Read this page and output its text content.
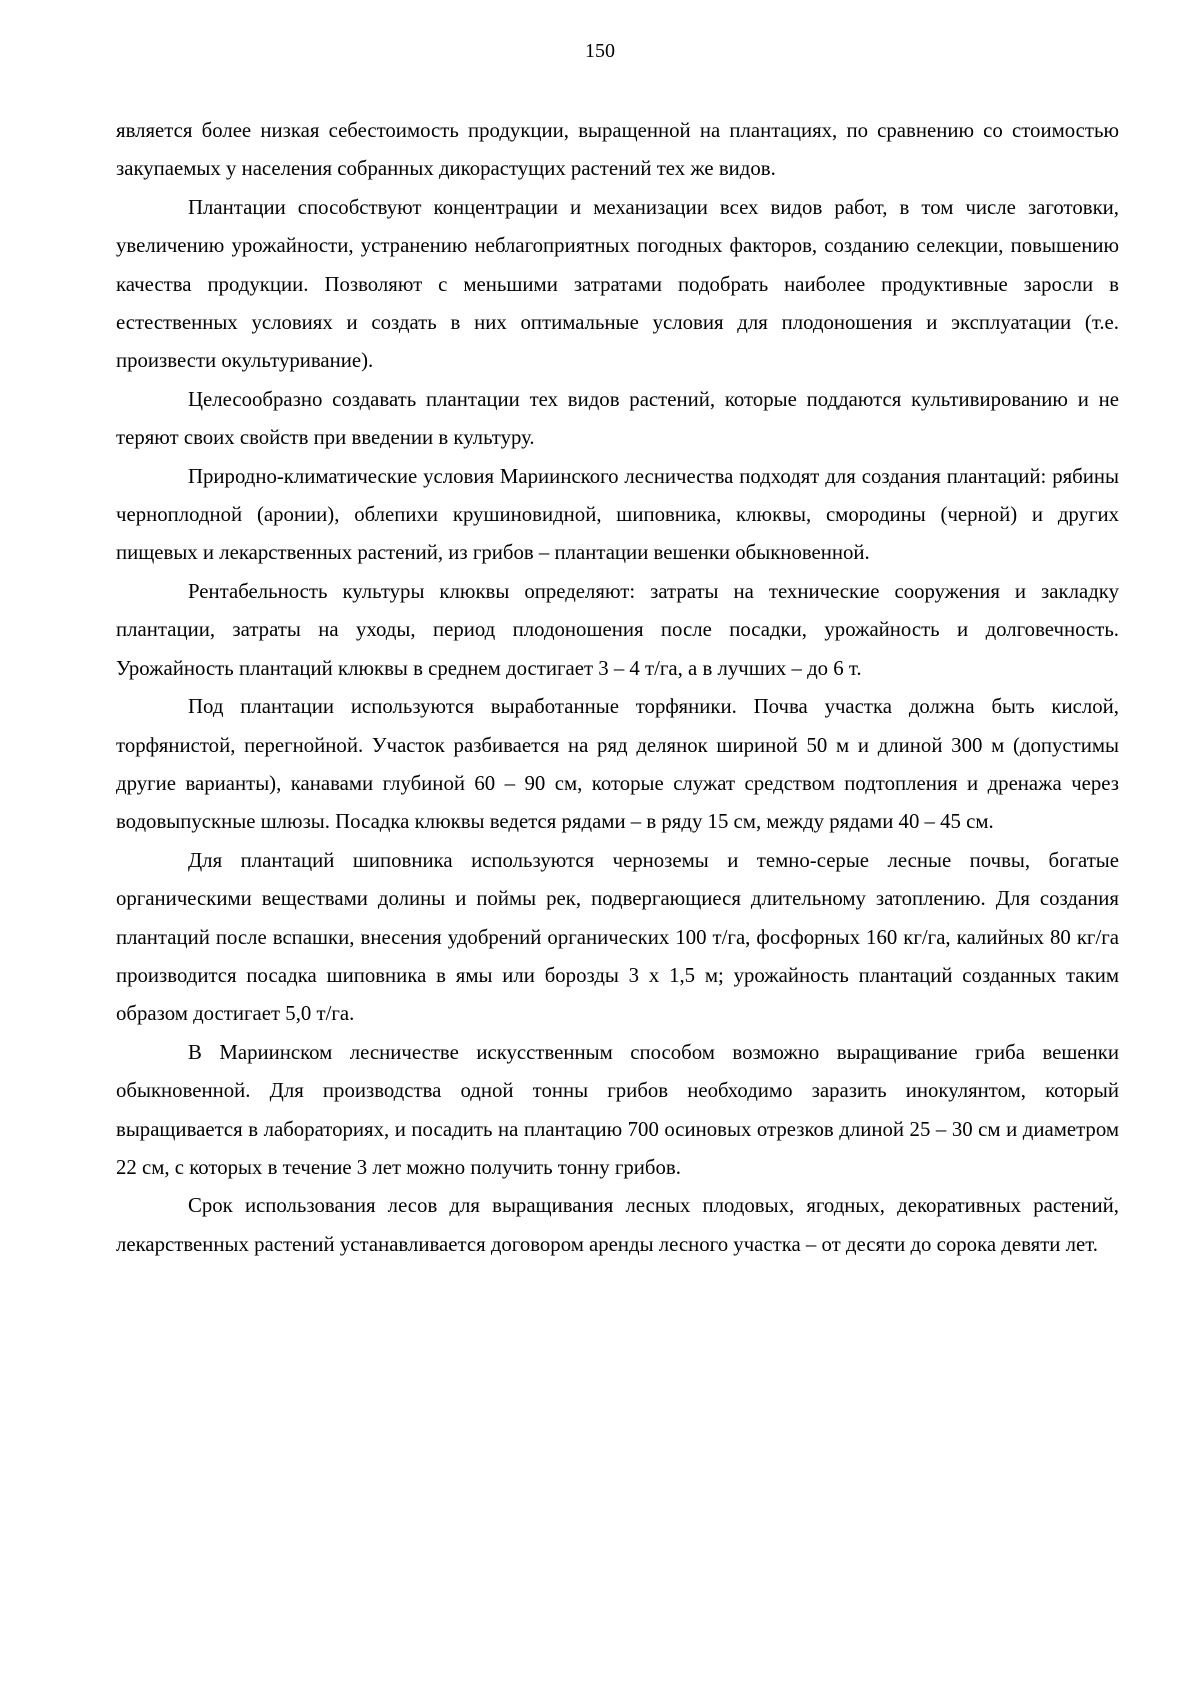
150

является более низкая себестоимость продукции, выращенной на плантациях, по сравнению со стоимостью закупаемых у населения собранных дикорастущих растений тех же видов.

Плантации способствуют концентрации и механизации всех видов работ, в том числе заготовки, увеличению урожайности, устранению неблагоприятных погодных факторов, созданию селекции, повышению качества продукции. Позволяют с меньшими затратами подобрать наиболее продуктивные заросли в естественных условиях и создать в них оптимальные условия для плодоношения и эксплуатации (т.е. произвести окультуривание).

Целесообразно создавать плантации тех видов растений, которые поддаются культивированию и не теряют своих свойств при введении в культуру.

Природно-климатические условия Мариинского лесничества подходят для создания плантаций: рябины черноплодной (аронии), облепихи крушиновидной, шиповника, клюквы, смородины (черной) и других пищевых и лекарственных растений, из грибов – плантации вешенки обыкновенной.

Рентабельность культуры клюквы определяют: затраты на технические сооружения и закладку плантации, затраты на уходы, период плодоношения после посадки, урожайность и долговечность. Урожайность плантаций клюквы в среднем достигает 3 – 4 т/га, а в лучших – до 6 т.

Под плантации используются выработанные торфяники. Почва участка должна быть кислой, торфянистой, перегнойной. Участок разбивается на ряд делянок шириной 50 м и длиной 300 м (допустимы другие варианты), канавами глубиной 60 – 90 см, которые служат средством подтопления и дренажа через водовыпускные шлюзы. Посадка клюквы ведется рядами – в ряду 15 см, между рядами 40 – 45 см.

Для плантаций шиповника используются черноземы и темно-серые лесные почвы, богатые органическими веществами долины и поймы рек, подвергающиеся длительному затоплению. Для создания плантаций после вспашки, внесения удобрений органических 100 т/га, фосфорных 160 кг/га, калийных 80 кг/га производится посадка шиповника в ямы или борозды 3 х 1,5 м; урожайность плантаций созданных таким образом достигает 5,0 т/га.

В Мариинском лесничестве искусственным способом возможно выращивание гриба вешенки обыкновенной. Для производства одной тонны грибов необходимо заразить инокулянтом, который выращивается в лабораториях, и посадить на плантацию 700 осиновых отрезков длиной 25 – 30 см и диаметром 22 см, с которых в течение 3 лет можно получить тонну грибов.

Срок использования лесов для выращивания лесных плодовых, ягодных, декоративных растений, лекарственных растений устанавливается договором аренды лесного участка – от десяти до сорока девяти лет.
